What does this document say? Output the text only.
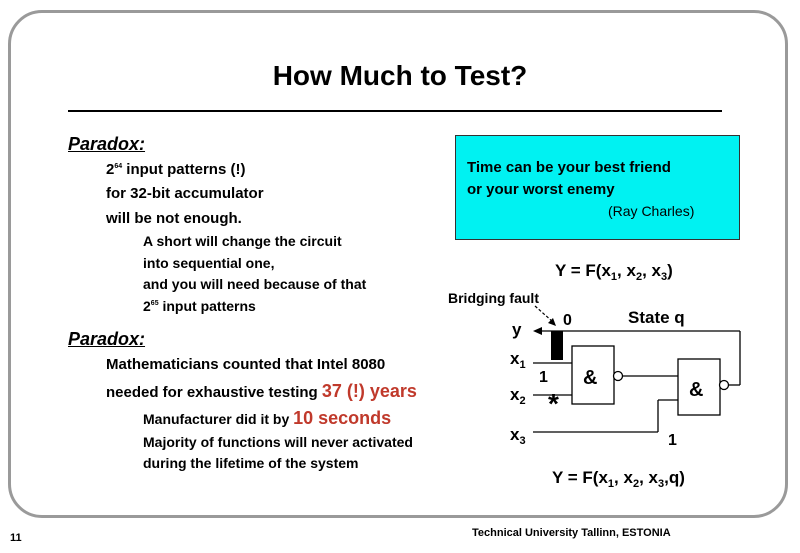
How Much to Test?
Paradox:
$2^{64}$ input patterns (!)
for 32-bit accumulator
will be not enough.
A short will change the circuit
into sequential one,
and you will need because of that
$2^{65}$ input patterns
Paradox:
Mathematicians counted that Intel 8080
needed for exhaustive testing 37 (!) years
Manufacturer did it by 10 seconds
Majority of functions will never activated
during the lifetime of the system
Time can be your best friend
or your worst enemy
(Ray Charles)
$Y = F(x_1$, $x_2$, $x_3$)
$Y = F(x_1$, $x_2$, $x_3,q$)
Bridging fault
State q
0
1
1
*
y
$x_1$
$x_2$
$x_3$
&
&
11	Technical University Tallinn, ESTONIA
